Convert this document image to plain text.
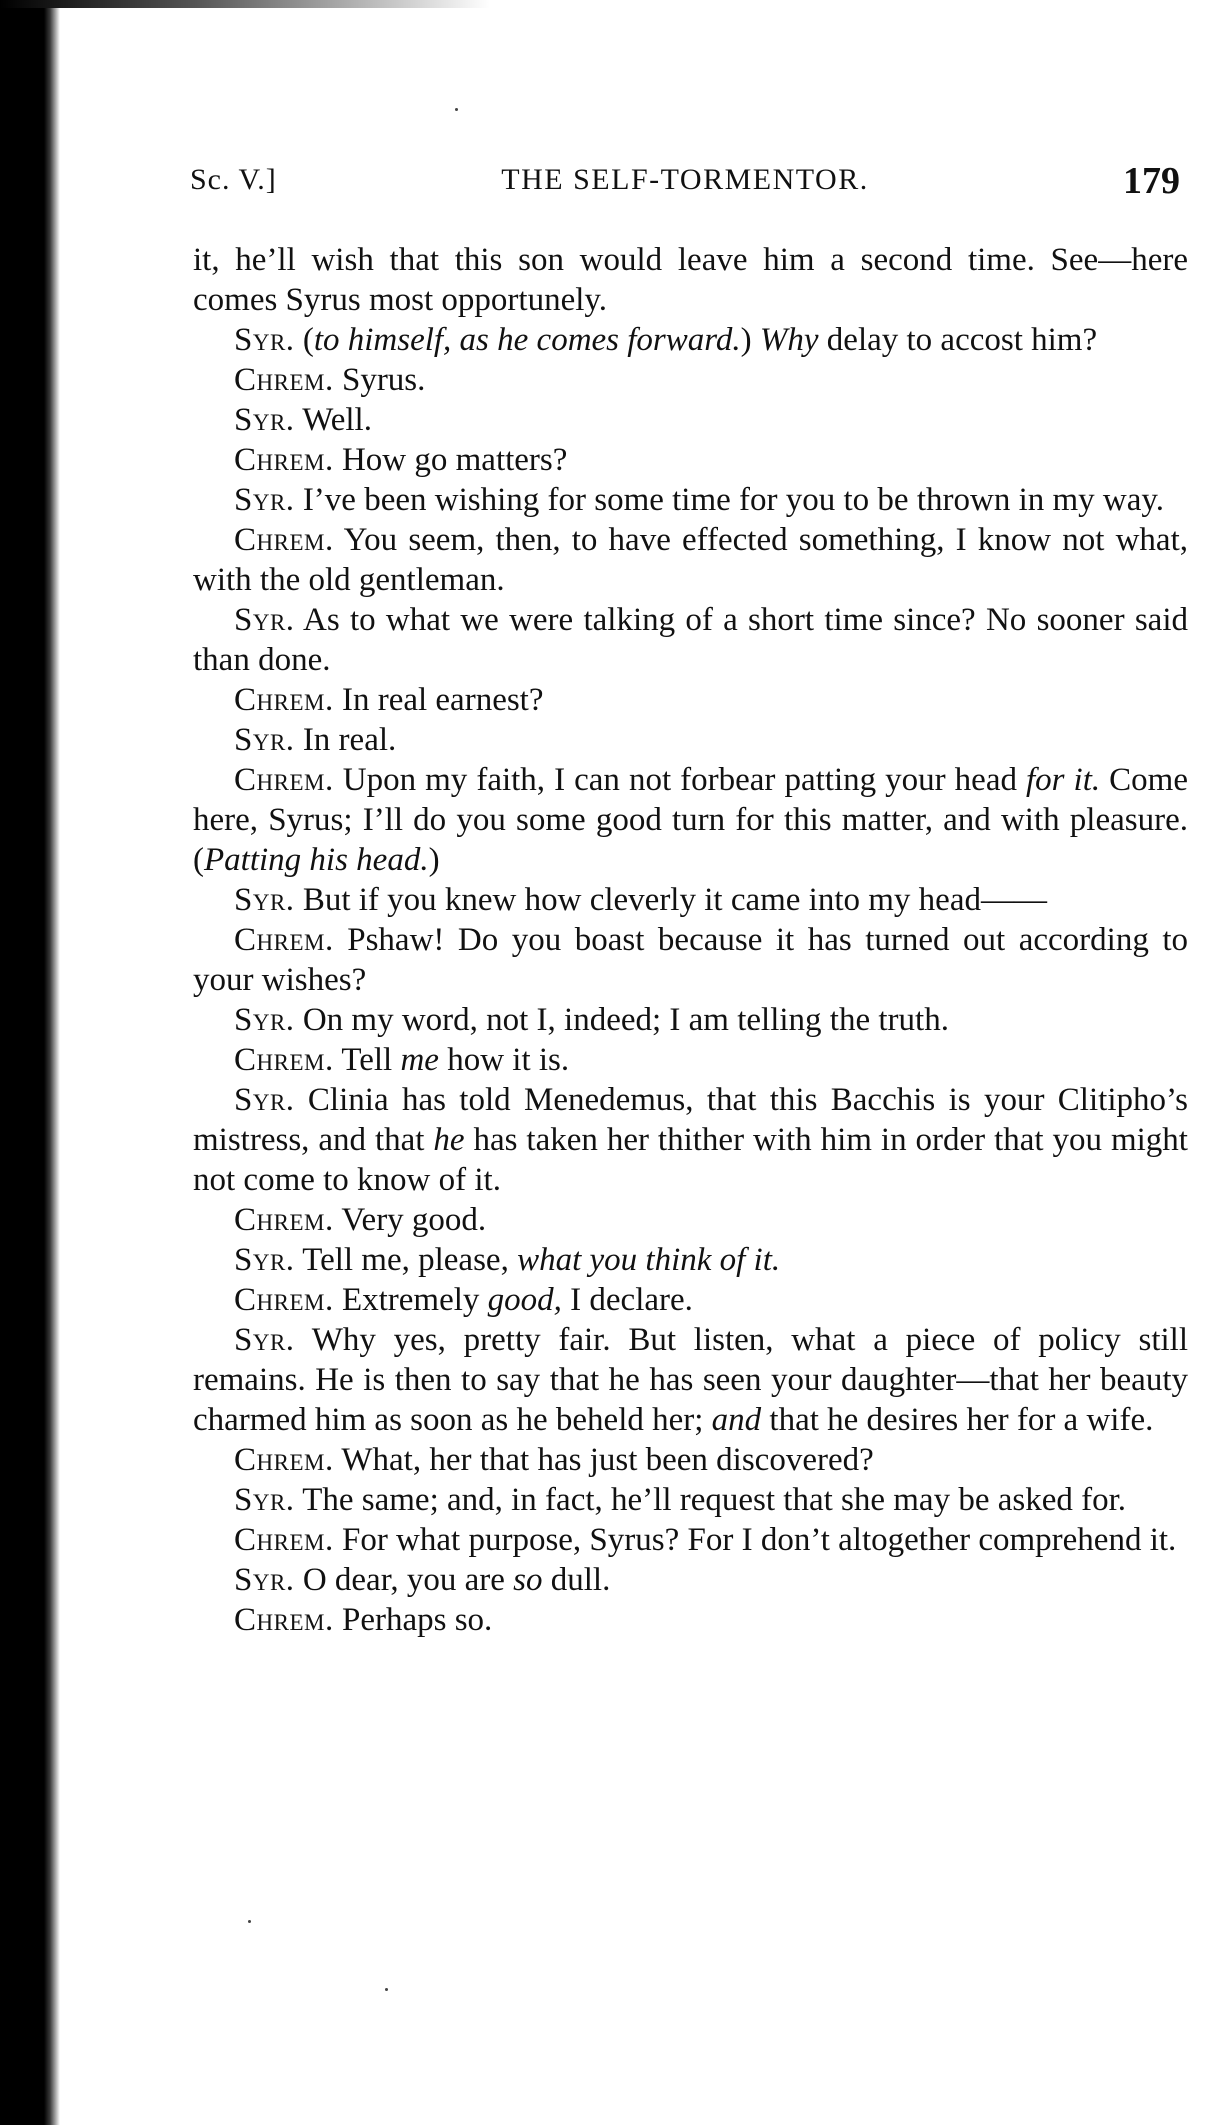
Sc. V.]	THE SELF-TORMENTOR.	179

it, he’ll wish that this son would leave him a second time. See—here comes Syrus most opportunely.

Syr. (to himself, as he comes forward.) Why delay to accost him?

Chrem. Syrus.

Syr. Well.

Chrem. How go matters?

Syr. I’ve been wishing for some time for you to be thrown in my way.

Chrem. You seem, then, to have effected something, I know not what, with the old gentleman.

Syr. As to what we were talking of a short time since? No sooner said than done.

Chrem. In real earnest?

Syr. In real.

Chrem. Upon my faith, I can not forbear patting your head for it. Come here, Syrus; I’ll do you some good turn for this matter, and with pleasure. (Patting his head.)

Syr. But if you knew how cleverly it came into my head——

Chrem. Pshaw! Do you boast because it has turned out according to your wishes?

Syr. On my word, not I, indeed; I am telling the truth.

Chrem. Tell me how it is.

Syr. Clinia has told Menedemus, that this Bacchis is your Clitipho’s mistress, and that he has taken her thither with him in order that you might not come to know of it.

Chrem. Very good.

Syr. Tell me, please, what you think of it.

Chrem. Extremely good, I declare.

Syr. Why yes, pretty fair. But listen, what a piece of policy still remains. He is then to say that he has seen your daughter—that her beauty charmed him as soon as he beheld her; and that he desires her for a wife.

Chrem. What, her that has just been discovered?

Syr. The same; and, in fact, he’ll request that she may be asked for.

Chrem. For what purpose, Syrus? For I don’t altogether comprehend it.

Syr. O dear, you are so dull.

Chrem. Perhaps so.
